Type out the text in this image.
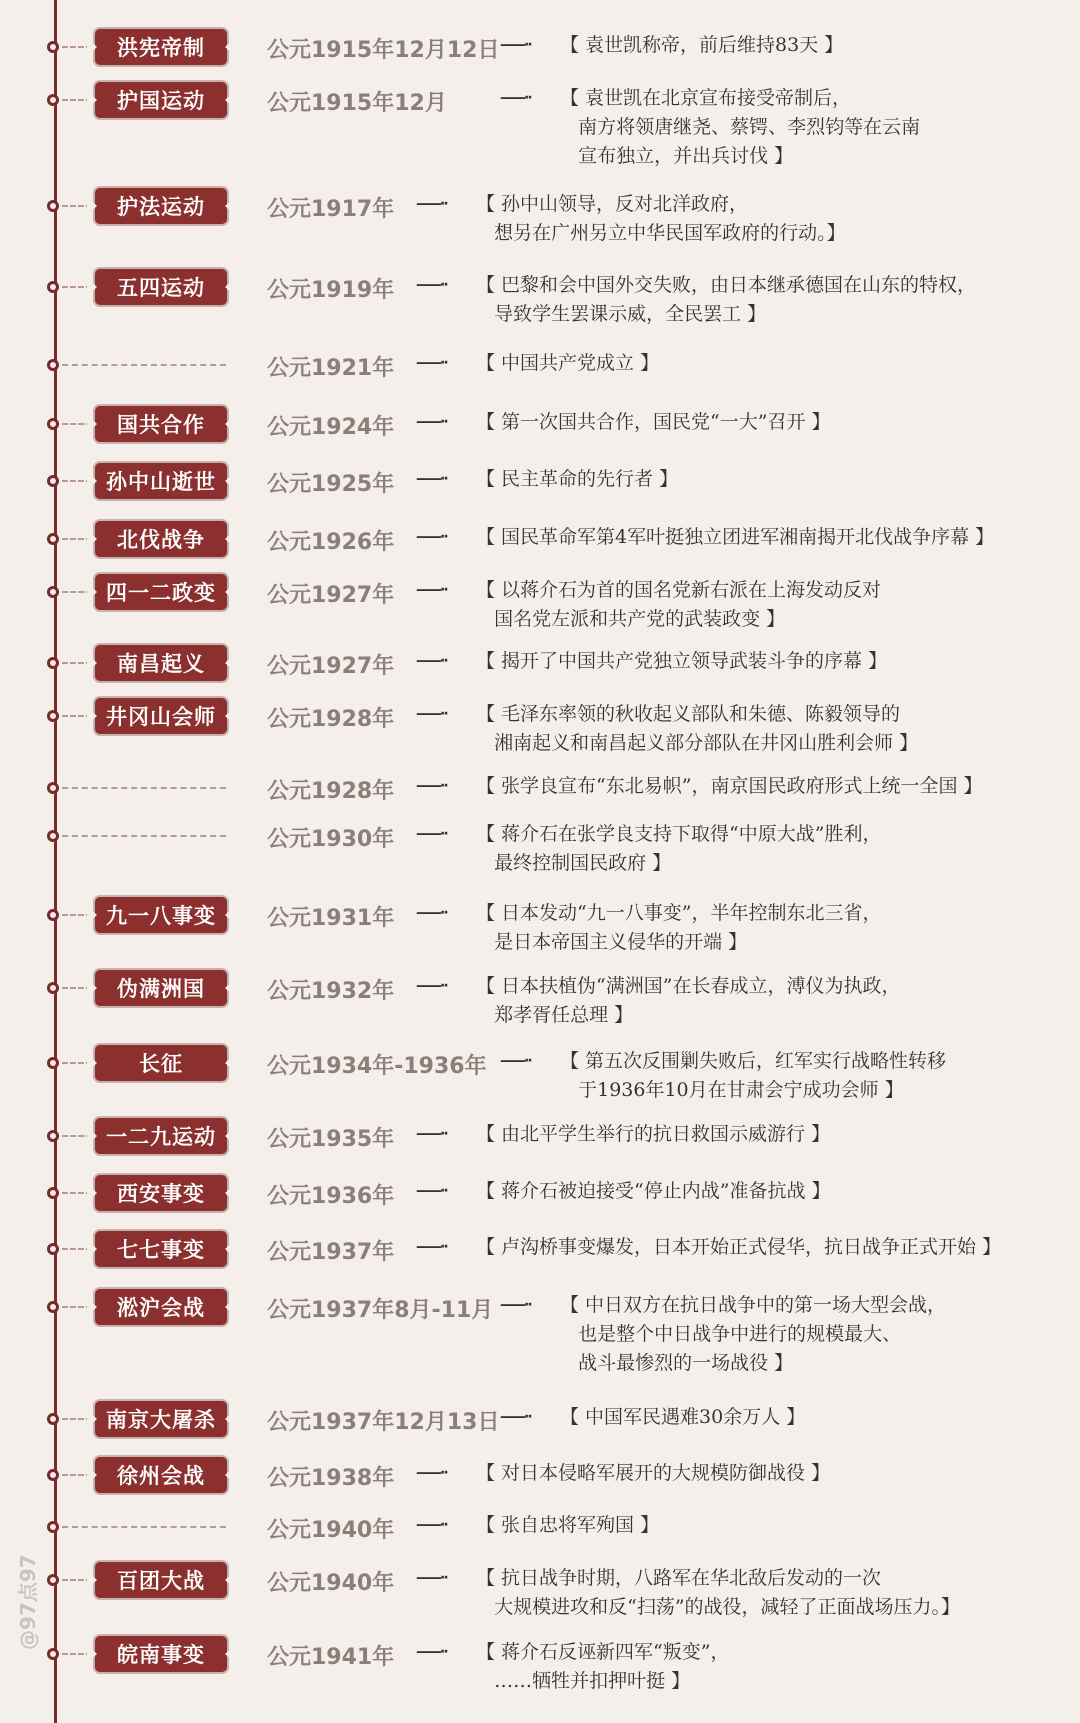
洪宪帝制	公元1915年12月12日 ——·· 【 袁世凯称帝，前后维持83天 】
护国运动	公元1915年12月	——·· 【 袁世凯在北京宣布接受帝制后，
南方将领唐继尧、蔡锷、李烈钧等在云南
宣布独立，并出兵讨伐 】
护法运动	公元1917年 ——·· 【 孙中山领导，反对北洋政府，
想另在广州另立中华民国军政府的行动。】
五四运动	公元1919年 ——·· 【 巴黎和会中国外交失败，由日本继承德国在山东的特权，
导致学生罢课示威，全民罢工 】
公元1921年 ——·· 【 中国共产党成立 】
国共合作	公元1924年 ——·· 【 第一次国共合作，国民党“一大”召开 】
孙中山逝世	公元1925年 ——·· 【 民主革命的先行者 】
北伐战争	公元1926年 ——·· 【 国民革命军第4军叶挺独立团进军湘南揭开北伐战争序幕 】
四一二政变	公元1927年 ——·· 【 以蒋介石为首的国名党新右派在上海发动反对
国名党左派和共产党的武装政变 】
南昌起义	公元1927年 ——·· 【 揭开了中国共产党独立领导武装斗争的序幕 】
井冈山会师	公元1928年 ——·· 【 毛泽东率领的秋收起义部队和朱德、陈毅领导的
湘南起义和南昌起义部分部队在井冈山胜利会师 】
公元1928年 ——·· 【 张学良宣布“东北易帜”，南京国民政府形式上统一全国 】
公元1930年 ——·· 【 蒋介石在张学良支持下取得“中原大战”胜利，
最终控制国民政府 】
九一八事变	公元1931年 ——·· 【 日本发动“九一八事变”，半年控制东北三省，
是日本帝国主义侵华的开端 】
伪满洲国	公元1932年 ——·· 【 日本扶植伪“满洲国”在长春成立，溥仪为执政，
郑孝胥任总理 】
长征	公元1934年-1936年 ——·· 【 第五次反围剿失败后，红军实行战略性转移
于1936年10月在甘肃会宁成功会师 】
一二九运动	公元1935年 ——·· 【 由北平学生举行的抗日救国示威游行 】
西安事变	公元1936年 ——·· 【 蒋介石被迫接受“停止内战”准备抗战 】
七七事变	公元1937年 ——·· 【 卢沟桥事变爆发，日本开始正式侵华，抗日战争正式开始 】
淞沪会战	公元1937年8月-11月 ——·· 【 中日双方在抗日战争中的第一场大型会战，
也是整个中日战争中进行的规模最大、
战斗最惨烈的一场战役 】
南京大屠杀	公元1937年12月13日 ——·· 【 中国军民遇难30余万人 】
徐州会战	公元1938年 ——·· 【 对日本侵略军展开的大规模防御战役 】
公元1940年 ——·· 【 张自忠将军殉国 】
百团大战	公元1940年 ——·· 【 抗日战争时期，八路军在华北敌后发动的一次
大规模进攻和反“扫荡”的战役，减轻了正面战场压力。】
皖南事变	公元1941年 ——·· 【 蒋介石反诬新四军“叛变”，
……牺牲并扣押叶挺 】
@97点97
